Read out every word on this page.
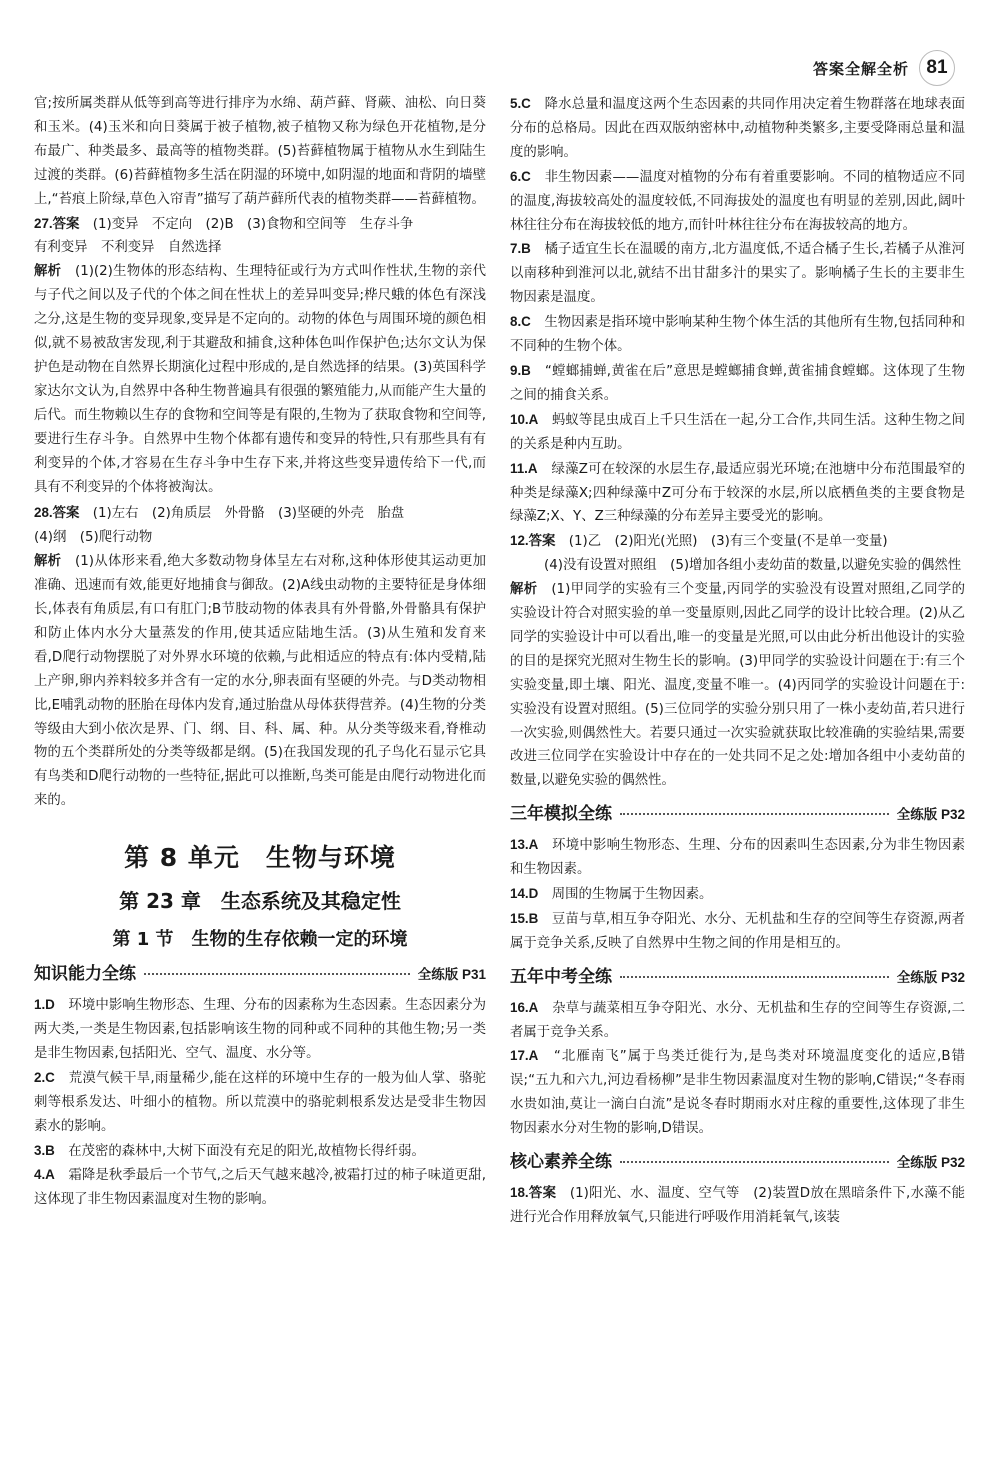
答案全解全析 81

官;按所属类群从低等到高等进行排序为水绵、葫芦藓、肾蕨、油松、向日葵和玉米。(4)玉米和向日葵属于被子植物,被子植物又称为绿色开花植物,是分布最广、种类最多、最高等的植物类群。(5)苔藓植物属于植物从水生到陆生过渡的类群。(6)苔藓植物多生活在阴湿的环境中,如阴湿的地面和背阴的墙壁上,“苔痕上阶绿,草色入帘青”描写了葫芦藓所代表的植物类群——苔藓植物。

27.答案　 (1)变异　不定向　(2)B　(3)食物和空间等　生存斗争

有利变异　不利变异　自然选择

解析　 (1)(2)生物体的形态结构、生理特征或行为方式叫作性状,生物的亲代与子代之间以及子代的个体之间在性状上的差异叫变异;桦尺蛾的体色有深浅之分,这是生物的变异现象,变异是不定向的。动物的体色与周围环境的颜色相似,就不易被敌害发现,利于其避敌和捕食,这种体色叫作保护色;达尔文认为保护色是动物在自然界长期演化过程中形成的,是自然选择的结果。(3)英国科学家达尔文认为,自然界中各种生物普遍具有很强的繁殖能力,从而能产生大量的后代。而生物赖以生存的食物和空间等是有限的,生物为了获取食物和空间等,要进行生存斗争。自然界中生物个体都有遗传和变异的特性,只有那些具有有利变异的个体,才容易在生存斗争中生存下来,并将这些变异遗传给下一代,而具有不利变异的个体将被淘汰。

28.答案　 (1)左右　(2)角质层　外骨骼　(3)坚硬的外壳　胎盘

(4)纲　(5)爬行动物

解析　 (1)从体形来看,绝大多数动物身体呈左右对称,这种体形使其运动更加准确、迅速而有效,能更好地捕食与御敌。(2)A线虫动物的主要特征是身体细长,体表有角质层,有口有肛门;B节肢动物的体表具有外骨骼,外骨骼具有保护和防止体内水分大量蒸发的作用,使其适应陆地生活。(3)从生殖和发育来看,D爬行动物摆脱了对外界水环境的依赖,与此相适应的特点有:体内受精,陆上产卵,卵内养料较多并含有一定的水分,卵表面有坚硬的外壳。与D类动物相比,E哺乳动物的胚胎在母体内发育,通过胎盘从母体获得营养。(4)生物的分类等级由大到小依次是界、门、纲、目、科、属、种。从分类等级来看,脊椎动物的五个类群所处的分类等级都是纲。(5)在我国发现的孔子鸟化石显示它具有鸟类和D爬行动物的一些特征,据此可以推断,鸟类可能是由爬行动物进化而来的。

第 8 单元　生物与环境
第 23 章　生态系统及其稳定性
第 1 节　生物的生存依赖一定的环境
知识能力全练	全练版 P31

1.D　 环境中影响生物形态、生理、分布的因素称为生态因素。生态因素分为两大类,一类是生物因素,包括影响该生物的同种或不同种的其他生物;另一类是非生物因素,包括阳光、空气、温度、水分等。

2.C　 荒漠气候干旱,雨量稀少,能在这样的环境中生存的一般为仙人掌、骆驼刺等根系发达、叶细小的植物。所以荒漠中的骆驼刺根系发达是受非生物因素水的影响。

3.B　 在茂密的森林中,大树下面没有充足的阳光,故植物长得纤弱。

4.A　 霜降是秋季最后一个节气,之后天气越来越冷,被霜打过的柿子味道更甜,这体现了非生物因素温度对生物的影响。

5.C　 降水总量和温度这两个生态因素的共同作用决定着生物群落在地球表面分布的总格局。因此在西双版纳密林中,动植物种类繁多,主要受降雨总量和温度的影响。

6.C　 非生物因素——温度对植物的分布有着重要影响。不同的植物适应不同的温度,海拔较高处的温度较低,不同海拔处的温度也有明显的差别,因此,阔叶林往往分布在海拔较低的地方,而针叶林往往分布在海拔较高的地方。

7.B　 橘子适宜生长在温暖的南方,北方温度低,不适合橘子生长,若橘子从淮河以南移种到淮河以北,就结不出甘甜多汁的果实了。影响橘子生长的主要非生物因素是温度。

8.C　 生物因素是指环境中影响某种生物个体生活的其他所有生物,包括同种和不同种的生物个体。

9.B　 “螳螂捕蝉,黄雀在后”意思是螳螂捕食蝉,黄雀捕食螳螂。这体现了生物之间的捕食关系。

10.A　 蚂蚁等昆虫成百上千只生活在一起,分工合作,共同生活。这种生物之间的关系是种内互助。

11.A　 绿藻Z可在较深的水层生存,最适应弱光环境;在池塘中分布范围最窄的种类是绿藻X;四种绿藻中Z可分布于较深的水层,所以底栖鱼类的主要食物是绿藻Z;X、Y、Z三种绿藻的分布差异主要受光的影响。

12.答案　 (1)乙　(2)阳光(光照)　(3)有三个变量(不是单一变量)

(4)没有设置对照组　(5)增加各组小麦幼苗的数量,以避免实验的偶然性

解析　 (1)甲同学的实验有三个变量,丙同学的实验没有设置对照组,乙同学的实验设计符合对照实验的单一变量原则,因此乙同学的设计比较合理。(2)从乙同学的实验设计中可以看出,唯一的变量是光照,可以由此分析出他设计的实验的目的是探究光照对生物生长的影响。(3)甲同学的实验设计问题在于:有三个实验变量,即土壤、阳光、温度,变量不唯一。(4)丙同学的实验设计问题在于:实验没有设置对照组。(5)三位同学的实验分别只用了一株小麦幼苗,若只进行一次实验,则偶然性大。若要只通过一次实验就获取比较准确的实验结果,需要改进三位同学在实验设计中存在的一处共同不足之处:增加各组中小麦幼苗的数量,以避免实验的偶然性。

三年模拟全练	全练版 P32

13.A　 环境中影响生物形态、生理、分布的因素叫生态因素,分为非生物因素和生物因素。

14.D　 周围的生物属于生物因素。

15.B　 豆苗与草,相互争夺阳光、水分、无机盐和生存的空间等生存资源,两者属于竞争关系,反映了自然界中生物之间的作用是相互的。

五年中考全练	全练版 P32

16.A　 杂草与蔬菜相互争夺阳光、水分、无机盐和生存的空间等生存资源,二者属于竞争关系。

17.A　 “北雁南飞”属于鸟类迁徙行为,是鸟类对环境温度变化的适应,B错误;“五九和六九,河边看杨柳”是非生物因素温度对生物的影响,C错误;“冬春雨水贵如油,莫让一滴白白流”是说冬春时期雨水对庄稼的重要性,这体现了非生物因素水分对生物的影响,D错误。

核心素养全练	全练版 P32

18.答案　 (1)阳光、水、温度、空气等　(2)装置D放在黑暗条件下,水藻不能进行光合作用释放氧气,只能进行呼吸作用消耗氧气,该装
